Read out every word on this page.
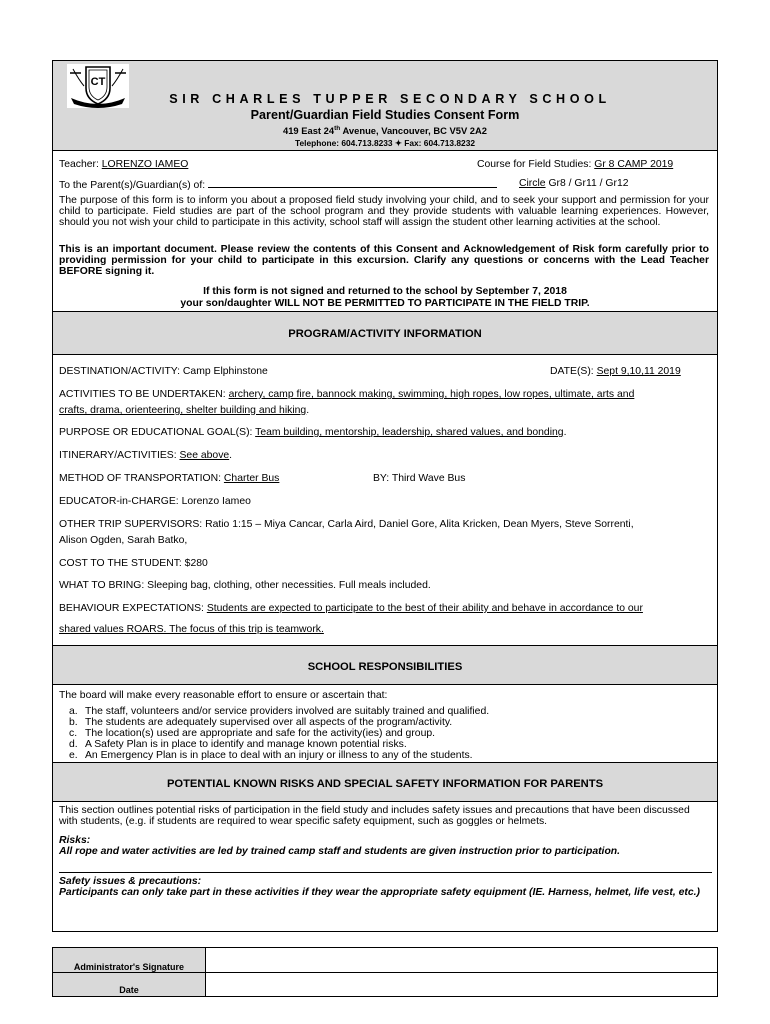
CT
SIR CHARLES TUPPER SECONDARY SCHOOL
Parent/Guardian Field Studies Consent Form
419 East 24th Avenue, Vancouver, BC V5V 2A2
Telephone: 604.713.8233 ✦ Fax: 604.713.8232
Teacher: LORENZO IAMEO	Course for Field Studies: Gr 8 CAMP 2019
To the Parent(s)/Guardian(s) of:	Circle Gr8 / Gr11 / Gr12
The purpose of this form is to inform you about a proposed field study involving your child, and to seek your support and permission for your child to participate. Field studies are part of the school program and they provide students with valuable learning experiences. However, should you not wish your child to participate in this activity, school staff will assign the student other learning activities at the school.
This is an important document. Please review the contents of this Consent and Acknowledgement of Risk form carefully prior to providing permission for your child to participate in this excursion. Clarify any questions or concerns with the Lead Teacher BEFORE signing it.
If this form is not signed and returned to the school by September 7, 2018
your son/daughter WILL NOT BE PERMITTED TO PARTICIPATE IN THE FIELD TRIP.
PROGRAM/ACTIVITY INFORMATION
DESTINATION/ACTIVITY: Camp Elphinstone	DATE(S): Sept 9,10,11 2019
ACTIVITIES TO BE UNDERTAKEN: archery, camp fire, bannock making, swimming, high ropes, low ropes, ultimate, arts and
crafts, drama, orienteering, shelter building and hiking.
PURPOSE OR EDUCATIONAL GOAL(S): Team building, mentorship, leadership, shared values, and bonding.
ITINERARY/ACTIVITIES: See above.
METHOD OF TRANSPORTATION: Charter Bus	BY: Third Wave Bus
EDUCATOR-in-CHARGE: Lorenzo Iameo
OTHER TRIP SUPERVISORS: Ratio 1:15 – Miya Cancar, Carla Aird, Daniel Gore, Alita Kricken, Dean Myers, Steve Sorrenti,
Alison Ogden, Sarah Batko,
COST TO THE STUDENT: $280
WHAT TO BRING: Sleeping bag, clothing, other necessities. Full meals included.
BEHAVIOUR EXPECTATIONS: Students are expected to participate to the best of their ability and behave in accordance to our
shared values ROARS. The focus of this trip is teamwork.
SCHOOL RESPONSIBILITIES
The board will make every reasonable effort to ensure or ascertain that:
a. The staff, volunteers and/or service providers involved are suitably trained and qualified.
b. The students are adequately supervised over all aspects of the program/activity.
c. The location(s) used are appropriate and safe for the activity(ies) and group.
d. A Safety Plan is in place to identify and manage known potential risks.
e. An Emergency Plan is in place to deal with an injury or illness to any of the students.
POTENTIAL KNOWN RISKS AND SPECIAL SAFETY INFORMATION FOR PARENTS
This section outlines potential risks of participation in the field study and includes safety issues and precautions that have been discussed with students, (e.g. if students are required to wear specific safety equipment, such as goggles or helmets.
Risks:
All rope and water activities are led by trained camp staff and students are given instruction prior to participation.
Safety issues & precautions:
Participants can only take part in these activities if they wear the appropriate safety equipment (IE. Harness, helmet, life vest, etc.)
Administrator's Signature
Date
